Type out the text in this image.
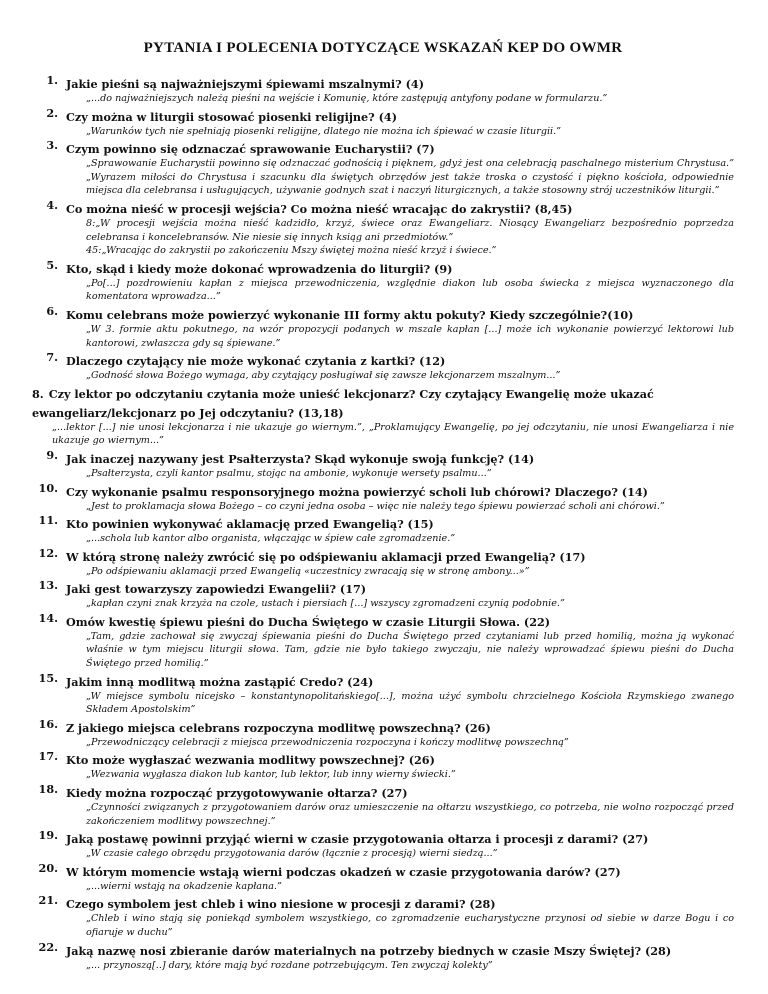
PYTANIA I POLECENIA DOTYCZĄCE WSKAZAŃ KEP DO OWMR
1. Jakie pieśni są najważniejszymi śpiewami mszalnymi? (4)
„...do najważniejszych należą pieśni na wejście i Komunię, które zastępują antyfony podane w formularzu.”
2. Czy można w liturgii stosować piosenki religijne? (4)
„Warunków tych nie spełniają piosenki religijne, dlatego nie można ich śpiewać w czasie liturgii.”
3. Czym powinno się odznaczać sprawowanie Eucharystii? (7)
„Sprawowanie Eucharystii powinno się odznaczać godnością i pięknem, gdyż jest ona celebracją paschalnego misterium Chrystusa.” „Wyrazem miłości do Chrystusa i szacunku dla świętych obrzędów jest także troska o czystość i piękno kościoła, odpowiednie miejsca dla celebransa i usługujących, używanie godnych szat i naczyń liturgicznych, a także stosowny strój uczestników liturgii.”
4. Co można nieść w procesji wejścia? Co można nieść wracając do zakrystii? (8,45)
8:„W procesji wejścia można nieść kadzidło, krzyż, świece oraz Ewangeliarz. Niosący Ewangeliarz bezpośrednio poprzedza celebransa i koncelebransów. Nie niesie się innych ksiąg ani przedmiotów.”
45:„Wracając do zakrystii po zakończeniu Mszy świętej można nieść krzyż i świece.”
5. Kto, skąd i kiedy może dokonać wprowadzenia do liturgii? (9)
„Po[...] pozdrowieniu kapłan z miejsca przewodniczenia, względnie diakon lub osoba świecka z miejsca wyznaczonego dla komentatora wprowadza...”
6. Komu celebrans może powierzyć wykonanie III formy aktu pokuty? Kiedy szczególnie?(10)
„W 3. formie aktu pokutnego, na wzór propozycji podanych w mszale kapłan [...] może ich wykonanie powierzyć lektorowi lub kantorowi, zwłaszcza gdy są śpiewane.”
7. Dlaczego czytający nie może wykonać czytania z kartki? (12)
„Godność słowa Bożego wymaga, aby czytający posługiwał się zawsze lekcjonarzem mszalnym...”
8. Czy lektor po odczytaniu czytania może unieść lekcjonarz? Czy czytający Ewangelię może ukazać ewangeliarz/lekcjonarz po Jej odczytaniu? (13,18)
„...lektor [...] nie unosi lekcjonarza i nie ukazuje go wiernym.”, „Proklamujący Ewangelię, po jej odczytaniu, nie unosi Ewangeliarza i nie ukazuje go wiernym...”
9. Jak inaczej nazywany jest Psałterzysta? Skąd wykonuje swoją funkcję? (14)
„Psałterzysta, czyli kantor psalmu, stojąc na ambonie, wykonuje wersety psalmu...”
10. Czy wykonanie psalmu responsoryjnego można powierzyć scholi lub chórowi? Dlaczego? (14)
„Jest to proklamacja słowa Bożego – co czyni jedna osoba – więc nie należy tego śpiewu powierzać scholi ani chórowi.”
11. Kto powinien wykonywać aklamację przed Ewangelią? (15)
„...schola lub kantor albo organista, włączając w śpiew całe zgromadzenie.”
12. W którą stronę należy zwrócić się po odśpiewaniu aklamacji przed Ewangelią? (17)
„Po odśpiewaniu aklamacji przed Ewangelią «uczestnicy zwracają się w stronę ambony...»”
13. Jaki gest towarzyszy zapowiedzi Ewangelii? (17)
„kapłan czyni znak krzyża na czole, ustach i piersiach [...] wszyscy zgromadzeni czynią podobnie.”
14. Omów kwestię śpiewu pieśni do Ducha Świętego w czasie Liturgii Słowa. (22)
„Tam, gdzie zachował się zwyczaj śpiewania pieśni do Ducha Świętego przed czytaniami lub przed homilią, można ją wykonać właśnie w tym miejscu liturgii słowa. Tam, gdzie nie było takiego zwyczaju, nie należy wprowadzać śpiewu pieśni do Ducha Świętego przed homilią.”
15. Jakim inną modlitwą można zastąpić Credo? (24)
„W miejsce symbolu nicejsko – konstantynopolitańskiego[...], można użyć symbolu chrzcielnego Kościoła Rzymskiego zwanego Składem Apostolskim”
16. Z jakiego miejsca celebrans rozpoczyna modlitwę powszechną? (26)
„Przewodniczący celebracji z miejsca przewodniczenia rozpoczyna i kończy modlitwę powszechną”
17. Kto może wygłaszać wezwania modlitwy powszechnej? (26)
„Wezwania wygłasza diakon lub kantor, lub lektor, lub inny wierny świecki.”
18. Kiedy można rozpocząć przygotowywanie ołtarza? (27)
„Czynności związanych z przygotowaniem darów oraz umieszczenie na ołtarzu wszystkiego, co potrzeba, nie wolno rozpocząć przed zakończeniem modlitwy powszechnej.”
19. Jaką postawę powinni przyjąć wierni w czasie przygotowania ołtarza i procesji z darami? (27)
„W czasie całego obrzędu przygotowania darów (łącznie z procesją) wierni siedzą...”
20. W którym momencie wstają wierni podczas okadzeń w czasie przygotowania darów? (27)
„...wierni wstają na okadzenie kapłana.”
21. Czego symbolem jest chleb i wino niesione w procesji z darami? (28)
„Chleb i wino stają się poniekąd symbolem wszystkiego, co zgromadzenie eucharystyczne przynosi od siebie w darze Bogu i co ofiaruje w duchu”
22. Jaką nazwę nosi zbieranie darów materialnych na potrzeby biednych w czasie Mszy Świętej? (28)
„... przynoszą[..] dary, które mają być rozdane potrzebującym. Ten zwyczaj kolekty”
